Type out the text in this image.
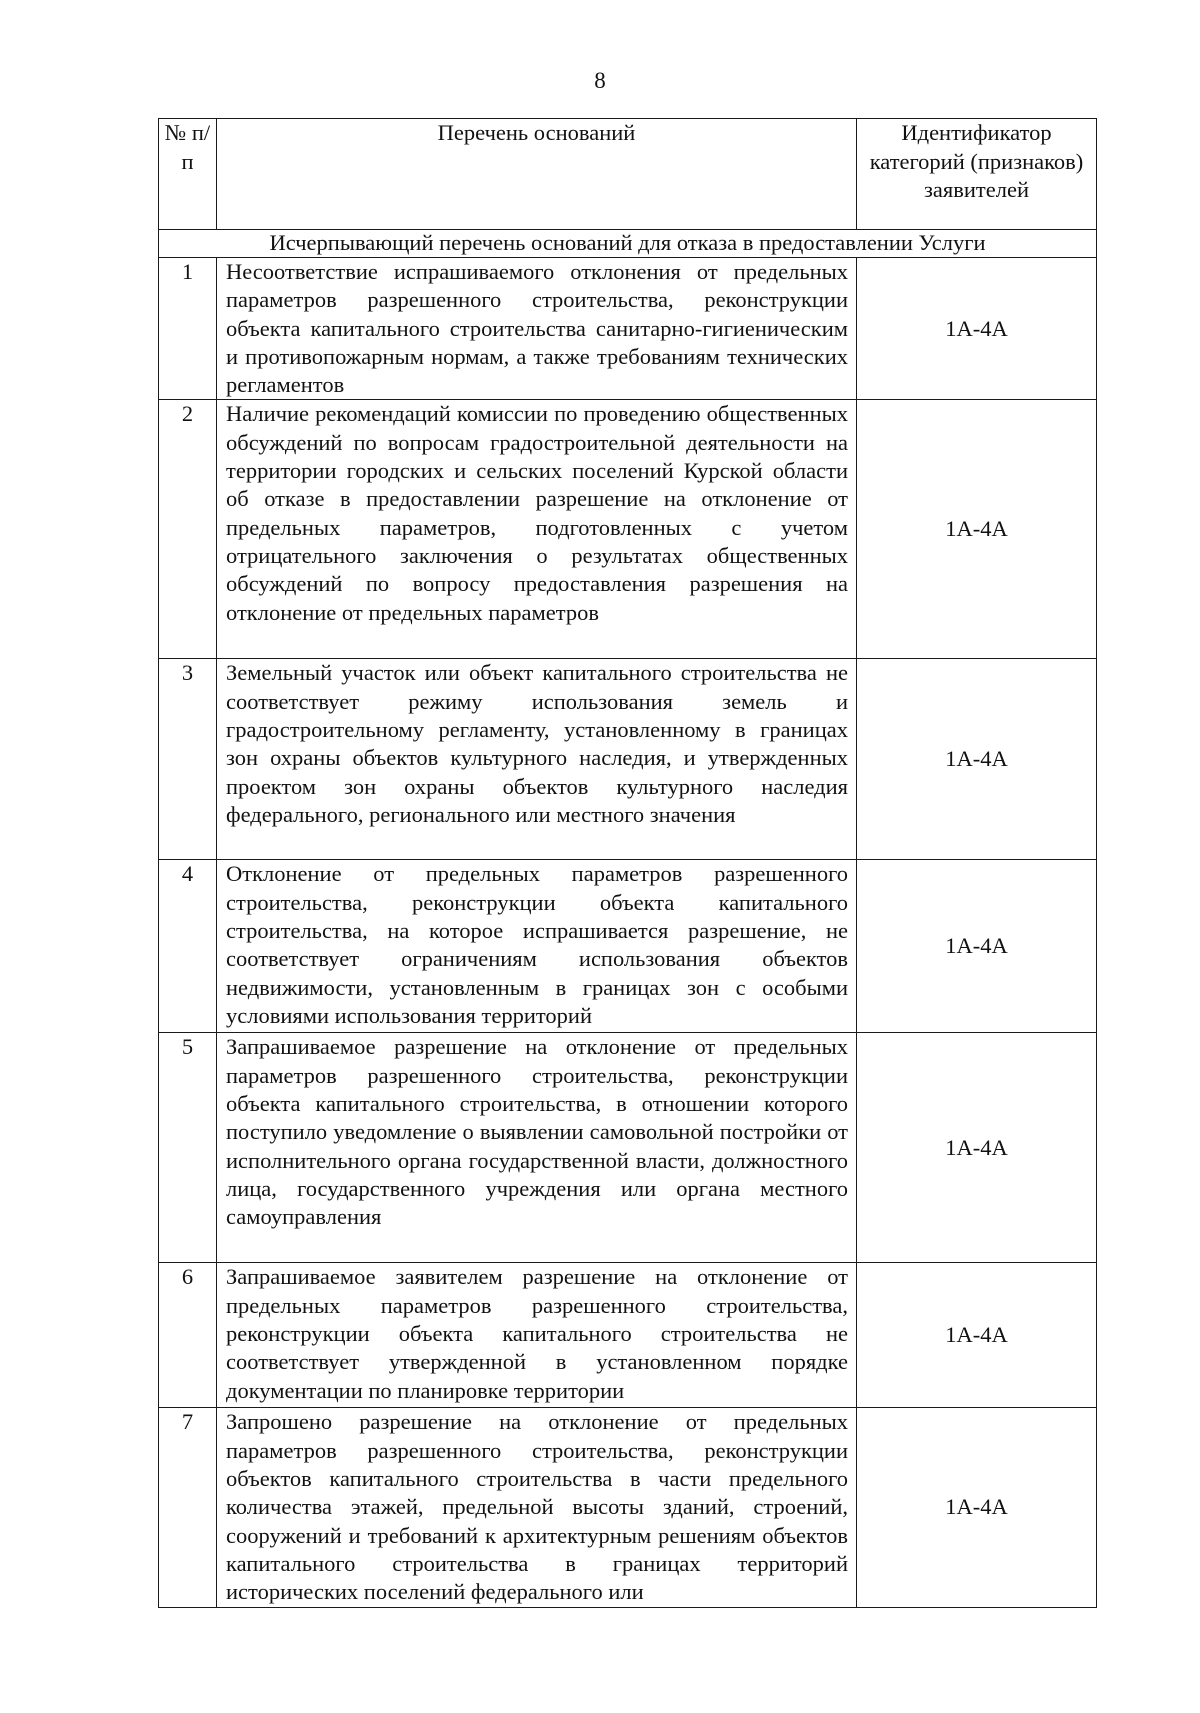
8
№ п/п	Перечень оснований	Идентификатор категорий (признаков) заявителей
Исчерпывающий перечень оснований для отказа в предоставлении Услуги		
1	Несоответствие испрашиваемого отклонения от предельных параметров разрешенного строительства, реконструкции объекта капитального строительства санитарно-гигиеническим и противопожарным нормам, а также требованиям технических регламентов	1А-4А
2	Наличие рекомендаций комиссии по проведению общественных обсуждений по вопросам градостроительной деятельности на территории городских и сельских поселений Курской области об отказе в предоставлении разрешение на отклонение от предельных параметров, подготовленных с учетом отрицательного заключения о результатах общественных обсуждений по вопросу предоставления разрешения на отклонение от предельных параметров	1А-4А
3	Земельный участок или объект капитального строительства не соответствует режиму использования земель и градостроительному регламенту, установленному в границах зон охраны объектов культурного наследия, и утвержденных проектом зон охраны объектов культурного наследия федерального, регионального или местного значения	1А-4А
4	Отклонение от предельных параметров разрешенного строительства, реконструкции объекта капитального строительства, на которое испрашивается разрешение, не соответствует ограничениям использования объектов недвижимости, установленным в границах зон с особыми условиями использования территорий	1А-4А
5	Запрашиваемое разрешение на отклонение от предельных параметров разрешенного строительства, реконструкции объекта капитального строительства, в отношении которого поступило уведомление о выявлении самовольной постройки от исполнительного органа государственной власти, должностного лица, государственного учреждения или органа местного самоуправления	1А-4А
6	Запрашиваемое заявителем разрешение на отклонение от предельных параметров разрешенного строительства, реконструкции объекта капитального строительства не соответствует утвержденной в установленном порядке документации по планировке территории	1А-4А
7	Запрошено разрешение на отклонение от предельных параметров разрешенного строительства, реконструкции объектов капитального строительства в части предельного количества этажей, предельной высоты зданий, строений, сооружений и требований к архитектурным решениям объектов капитального строительства в границах территорий исторических поселений федерального или	1А-4А
